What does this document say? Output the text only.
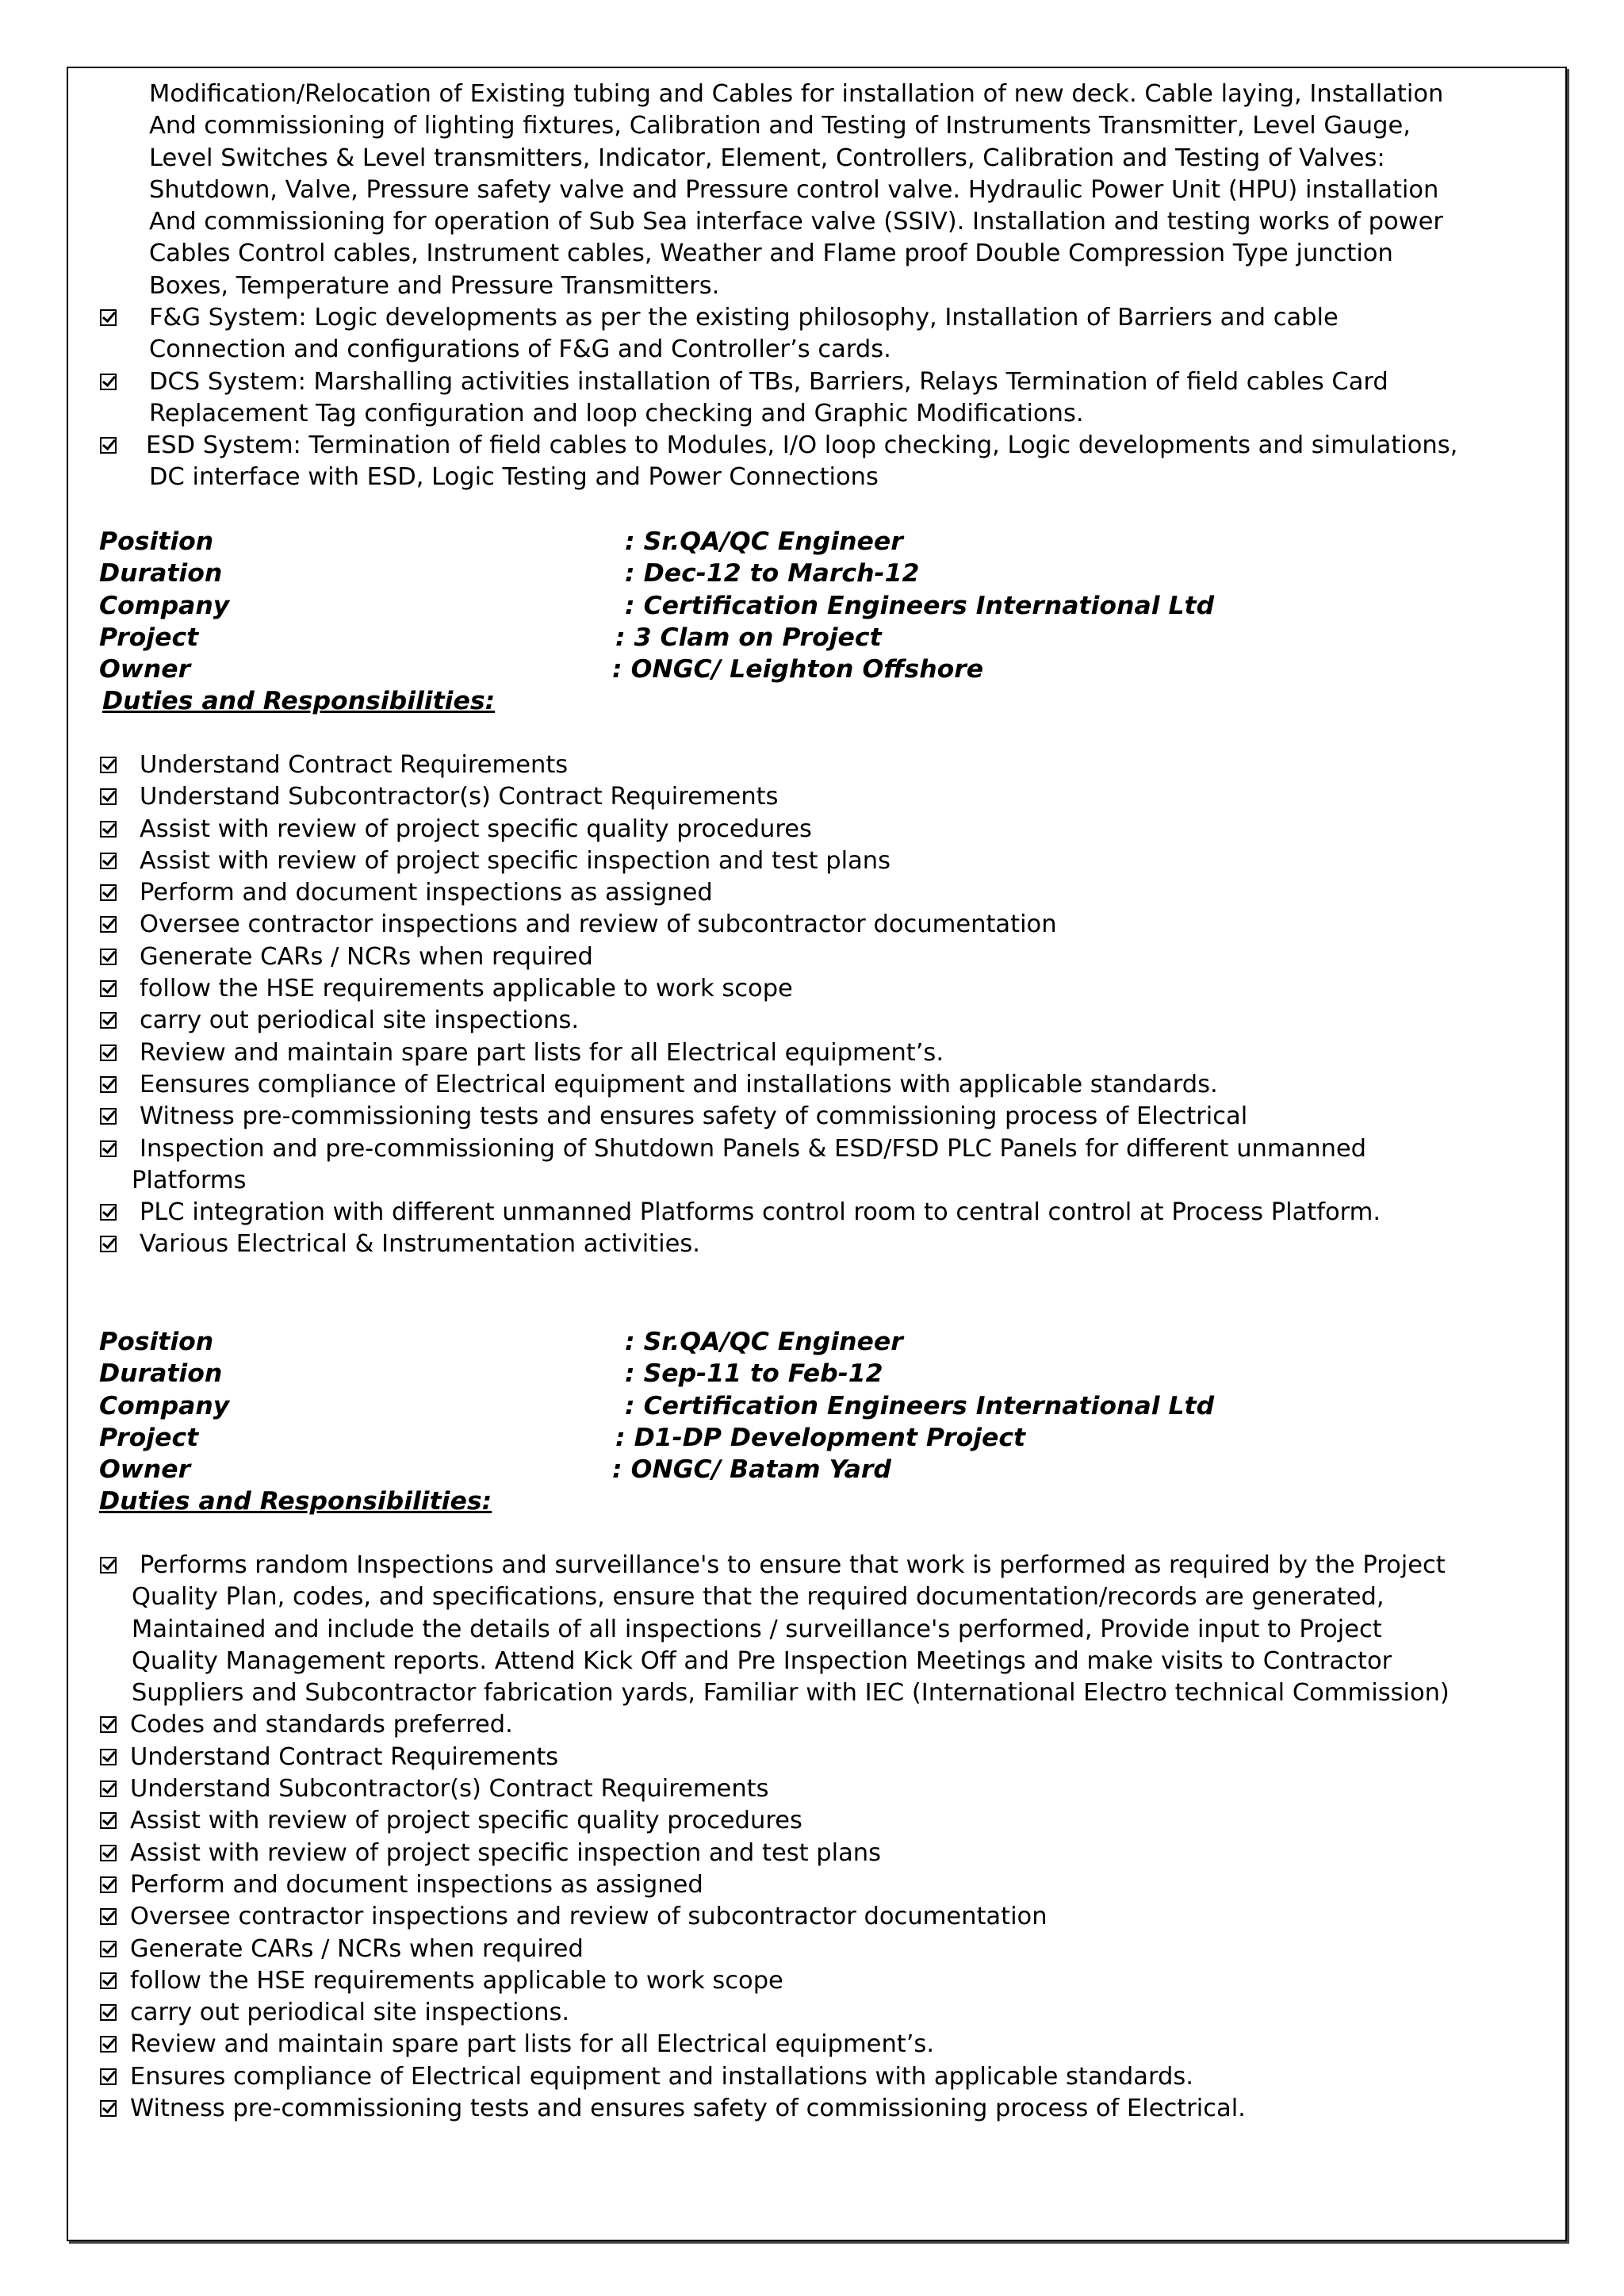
Modification/Relocation of Existing tubing and Cables for installation of new deck. Cable laying, Installation
And commissioning of lighting fixtures, Calibration and Testing of Instruments Transmitter, Level Gauge,
Level Switches & Level transmitters, Indicator, Element, Controllers, Calibration and Testing of Valves:
Shutdown, Valve, Pressure safety valve and Pressure control valve. Hydraulic Power Unit (HPU) installation
And commissioning for operation of Sub Sea interface valve (SSIV). Installation and testing works of power
Cables Control cables, Instrument cables, Weather and Flame proof Double Compression Type junction
Boxes, Temperature and Pressure Transmitters.
F&G System: Logic developments as per the existing philosophy, Installation of Barriers and cable
Connection and configurations of F&G and Controller’s cards.
DCS System: Marshalling activities installation of TBs, Barriers, Relays Termination of field cables Card
Replacement Tag configuration and loop checking and Graphic Modifications.
ESD System: Termination of field cables to Modules, I/O loop checking, Logic developments and simulations,
DC interface with ESD, Logic Testing and Power Connections
Position	: Sr.QA/QC Engineer
Duration	: Dec-12 to March-12
Company	: Certification Engineers International Ltd
Project	: 3 Clam on Project
Owner	: ONGC/ Leighton Offshore
Duties and Responsibilities:
Understand Contract Requirements
Understand Subcontractor(s) Contract Requirements
Assist with review of project specific quality procedures
Assist with review of project specific inspection and test plans
Perform and document inspections as assigned
Oversee contractor inspections and review of subcontractor documentation
Generate CARs / NCRs when required
follow the HSE requirements applicable to work scope
carry out periodical site inspections.
Review and maintain spare part lists for all Electrical equipment’s.
Eensures compliance of Electrical equipment and installations with applicable standards.
Witness pre-commissioning tests and ensures safety of commissioning process of Electrical
Inspection and pre-commissioning of Shutdown Panels & ESD/FSD PLC Panels for different unmanned
Platforms
PLC integration with different unmanned Platforms control room to central control at Process Platform.
Various Electrical & Instrumentation activities.
Position	: Sr.QA/QC Engineer
Duration	: Sep-11 to Feb-12
Company	: Certification Engineers International Ltd
Project	: D1-DP Development Project
Owner	: ONGC/ Batam Yard
Duties and Responsibilities:
Performs random Inspections and surveillance's to ensure that work is performed as required by the Project
Quality Plan, codes, and specifications, ensure that the required documentation/records are generated,
Maintained and include the details of all inspections / surveillance's performed, Provide input to Project
Quality Management reports. Attend Kick Off and Pre Inspection Meetings and make visits to Contractor
Suppliers and Subcontractor fabrication yards, Familiar with IEC (International Electro technical Commission)
Codes and standards preferred.
Understand Contract Requirements
Understand Subcontractor(s) Contract Requirements
Assist with review of project specific quality procedures
Assist with review of project specific inspection and test plans
Perform and document inspections as assigned
Oversee contractor inspections and review of subcontractor documentation
Generate CARs / NCRs when required
follow the HSE requirements applicable to work scope
carry out periodical site inspections.
Review and maintain spare part lists for all Electrical equipment’s.
Ensures compliance of Electrical equipment and installations with applicable standards.
Witness pre-commissioning tests and ensures safety of commissioning process of Electrical.
